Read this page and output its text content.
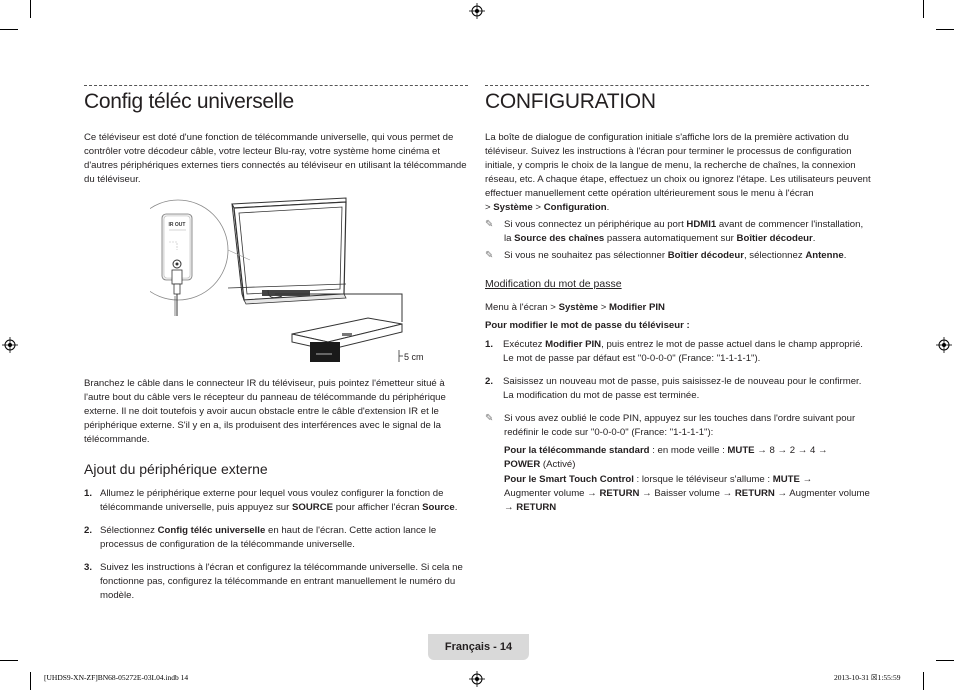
Config téléc universelle

Ce téléviseur est doté d'une fonction de télécommande universelle, qui vous permet de contrôler votre décodeur câble, votre lecteur Blu-ray, votre système home cinéma et d'autres périphériques externes tiers connectés au téléviseur en utilisant la télécommande du téléviseur.

5 cm
IR OUT

Branchez le câble dans le connecteur IR du téléviseur, puis pointez l'émetteur situé à l'autre bout du câble vers le récepteur du panneau de télécommande du périphérique externe. Il ne doit toutefois y avoir aucun obstacle entre le câble d'extension IR et le périphérique externe. S'il y en a, ils produisent des interférences avec le signal de la télécommande.

Ajout du périphérique externe
1. Allumez le périphérique externe pour lequel vous voulez configurer la fonction de télécommande universelle, puis appuyez sur SOURCE pour afficher l'écran Source.
2. Sélectionnez Config téléc universelle en haut de l'écran. Cette action lance le processus de configuration de la télécommande universelle.
3. Suivez les instructions à l'écran et configurez la télécommande universelle. Si cela ne fonctionne pas, configurez la télécommande en entrant manuellement le numéro du modèle.
CONFIGURATION

La boîte de dialogue de configuration initiale s'affiche lors de la première activation du téléviseur. Suivez les instructions à l'écran pour terminer le processus de configuration initiale, y compris le choix de la langue de menu, la recherche de chaînes, la connexion réseau, etc. A chaque étape, effectuez un choix ou ignorez l'étape. Les utilisateurs peuvent effectuer manuellement cette opération ultérieurement sous le menu à l'écran
> Système > Configuration.

✎ Si vous connectez un périphérique au port HDMI1 avant de commencer l'installation, la Source des chaînes passera automatiquement sur Boîtier décodeur.
✎ Si vous ne souhaitez pas sélectionner Boîtier décodeur, sélectionnez Antenne.
Modification du mot de passe

Menu à l'écran > Système > Modifier PIN

Pour modifier le mot de passe du téléviseur :

1. Exécutez Modifier PIN, puis entrez le mot de passe actuel dans le champ approprié. Le mot de passe par défaut est "0-0-0-0" (France: "1-1-1-1").
2. Saisissez un nouveau mot de passe, puis saisissez-le de nouveau pour le confirmer. La modification du mot de passe est terminée.
✎ Si vous avez oublié le code PIN, appuyez sur les touches dans l'ordre suivant pour redéfinir le code sur "0-0-0-0" (France: "1-1-1-1"):

Pour la télécommande standard : en mode veille : MUTE → 8 → 2 → 4 →
POWER (Activé)

Pour le Smart Touch Control : lorsque le téléviseur s'allume : MUTE →
Augmenter volume → RETURN → Baisser volume → RETURN → Augmenter volume → RETURN

Français - 14
[UHDS9-XN-ZF]BN68-05272E-03L04.indb 14	2013-10-31 ☒1:55:59
